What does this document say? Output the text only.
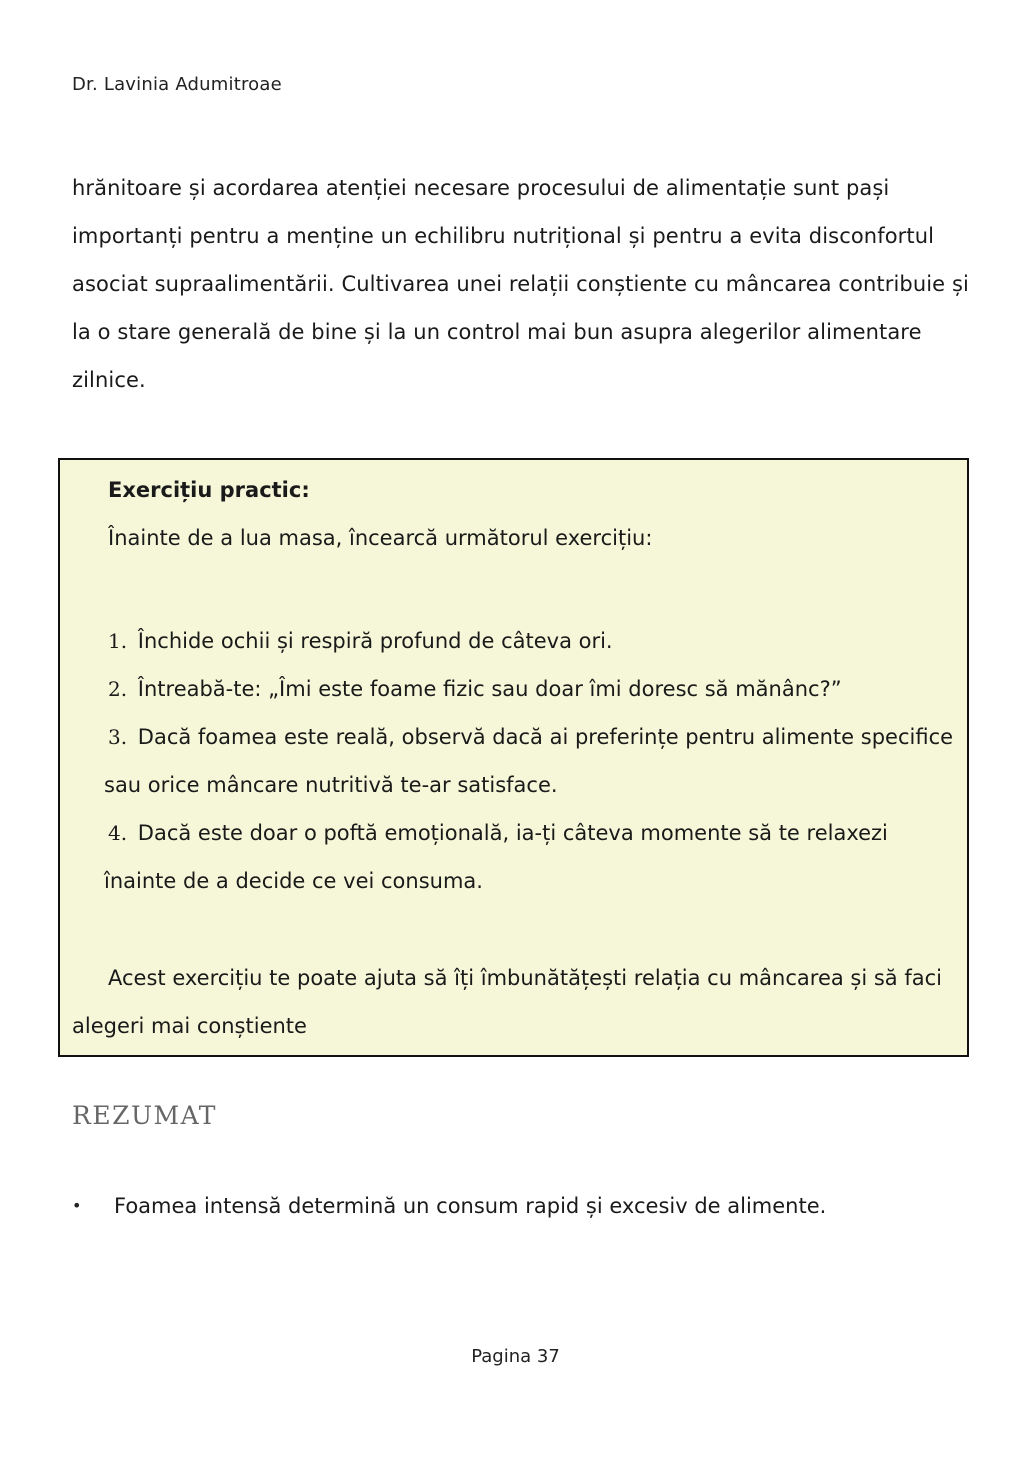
Dr. Lavinia Adumitroae

hrănitoare și acordarea atenției necesare procesului de alimentație sunt pași importanți pentru a menține un echilibru nutrițional și pentru a evita disconfortul asociat supraalimentării. Cultivarea unei relații conștiente cu mâncarea contribuie și la o stare generală de bine și la un control mai bun asupra alegerilor alimentare zilnice.

Exercițiu practic:
Înainte de a lua masa, încearcă următorul exercițiu:

1. Închide ochii și respiră profund de câteva ori.

2. Întreabă-te: „Îmi este foame fizic sau doar îmi doresc să mănânc?”

3. Dacă foamea este reală, observă dacă ai preferințe pentru alimente specifice sau orice mâncare nutritivă te-ar satisface.

4. Dacă este doar o poftă emoțională, ia-ți câteva momente să te relaxezi înainte de a decide ce vei consuma.

Acest exercițiu te poate ajuta să îți îmbunătățești relația cu mâncarea și să faci alegeri mai conștiente

REZUMAT
•	Foamea intensă determină un consum rapid și excesiv de alimente.
Pagina 37
